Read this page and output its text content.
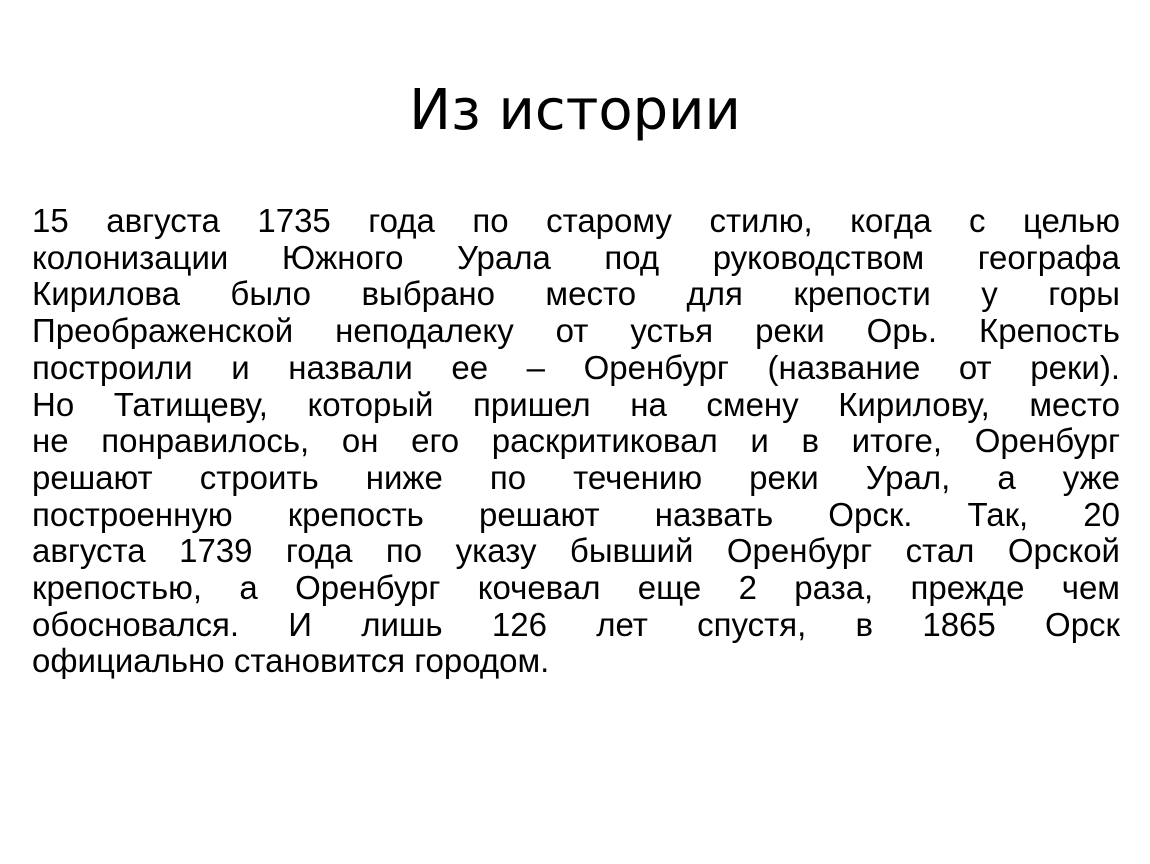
Из истории
15 августа 1735 года по старому стилю, когда с целью
колонизации Южного Урала под руководством географа
Кирилова было выбрано место для крепости у горы
Преображенской неподалеку от устья реки Орь. Крепость
построили и назвали ее – Оренбург (название от реки).
Но Татищеву, который пришел на смену Кирилову, место
не понравилось, он его раскритиковал и в итоге, Оренбург
решают строить ниже по течению реки Урал, а уже
построенную крепость решают назвать Орск. Так, 20
августа 1739 года по указу бывший Оренбург стал Орской
крепостью, а Оренбург кочевал еще 2 раза, прежде чем
обосновался. И лишь 126 лет спустя, в 1865 Орск
официально становится городом.
